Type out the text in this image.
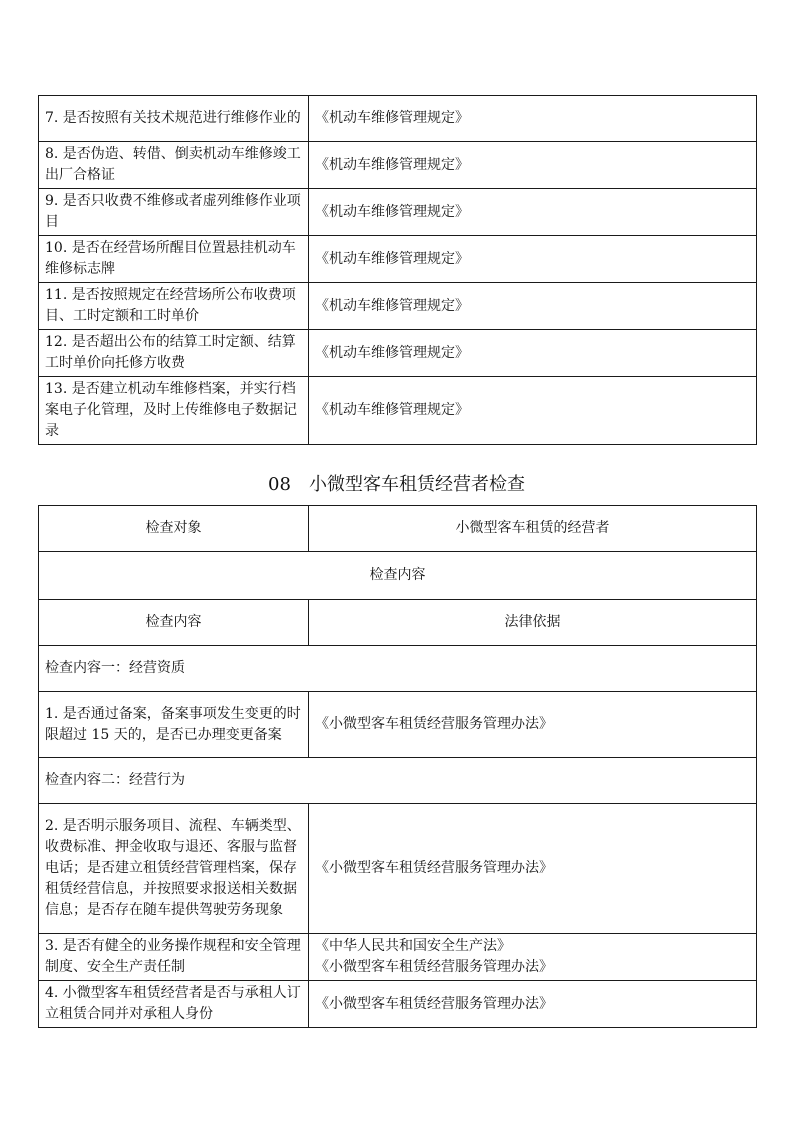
7. 是否按照有关技术规范进行维修作业的	《机动车维修管理规定》
8. 是否伪造、转借、倒卖机动车维修竣工出厂合格证	《机动车维修管理规定》
9. 是否只收费不维修或者虚列维修作业项目	《机动车维修管理规定》
10. 是否在经营场所醒目位置悬挂机动车维修标志牌	《机动车维修管理规定》
11. 是否按照规定在经营场所公布收费项目、工时定额和工时单价	《机动车维修管理规定》
12. 是否超出公布的结算工时定额、结算工时单价向托修方收费	《机动车维修管理规定》
13. 是否建立机动车维修档案，并实行档案电子化管理，及时上传维修电子数据记录	《机动车维修管理规定》
08 小微型客车租赁经营者检查
检查对象	小微型客车租赁的经营者
检查内容	
检查内容	法律依据
检查内容一：经营资质	
1. 是否通过备案，备案事项发生变更的时限超过 15 天的，是否已办理变更备案	《小微型客车租赁经营服务管理办法》
检查内容二：经营行为	
2. 是否明示服务项目、流程、车辆类型、收费标准、押金收取与退还、客服与监督电话；是否建立租赁经营管理档案，保存租赁经营信息，并按照要求报送相关数据信息；是否存在随车提供驾驶劳务现象	《小微型客车租赁经营服务管理办法》
3. 是否有健全的业务操作规程和安全管理制度、安全生产责任制	《中华人民共和国安全生产法》
《小微型客车租赁经营服务管理办法》

4. 小微型客车租赁经营者是否与承租人订立租赁合同并对承租人身份	《小微型客车租赁经营服务管理办法》
